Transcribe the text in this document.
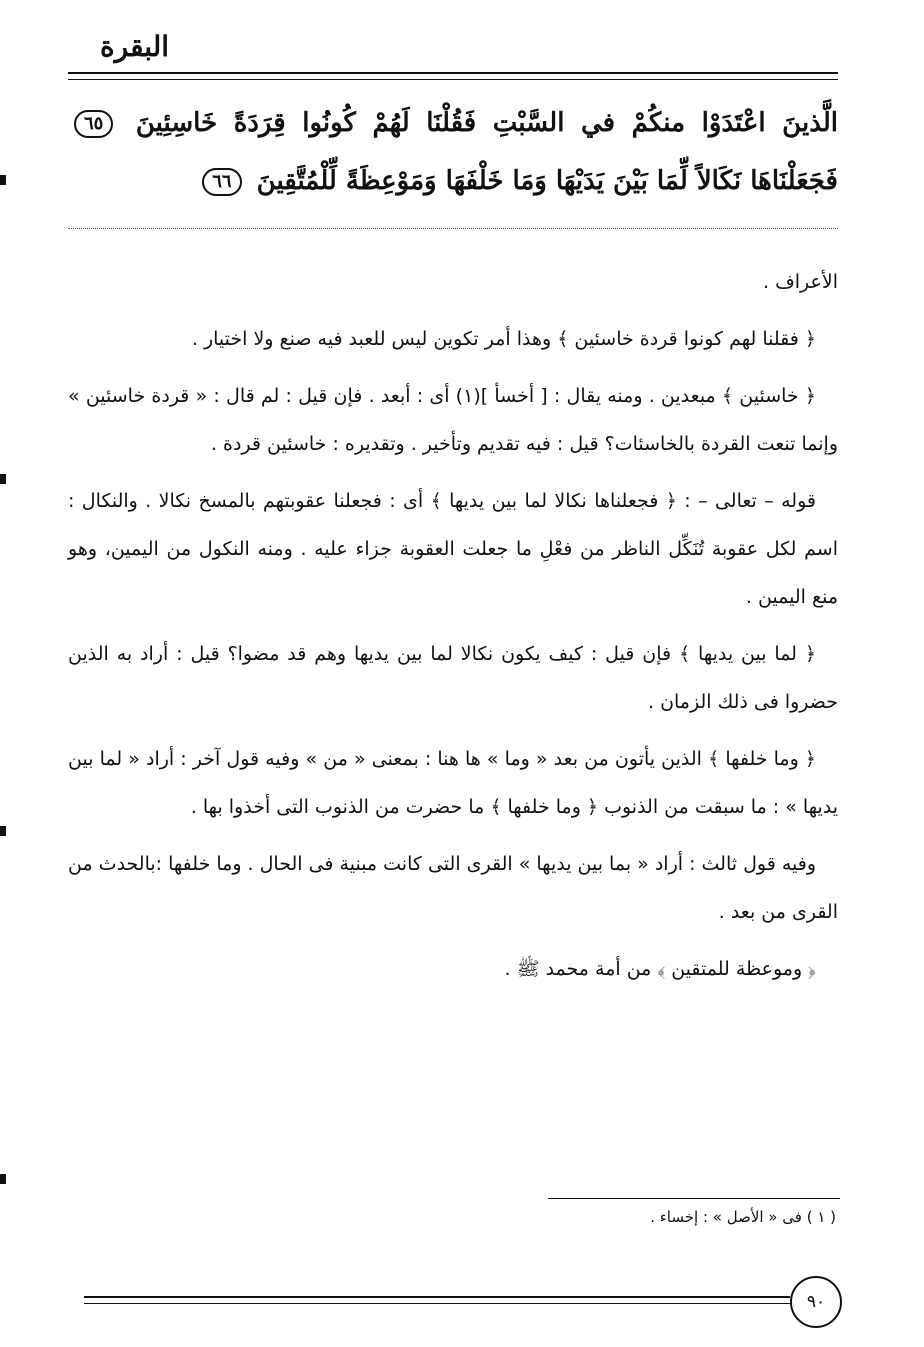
البقرة
الَّذينَ اعْتَدَوْا منكُمْ في السَّبْتِ فَقُلْنَا لَهُمْ كُونُوا قِرَدَةً خَاسِئِينَ ٦٥ فَجَعَلْنَاهَا نَكَالاً لِّمَا بَيْنَ يَدَيْهَا وَمَا خَلْفَهَا وَمَوْعِظَةً لِّلْمُتَّقِينَ ٦٦

الأعراف .

﴿ فقلنا لهم كونوا قردة خاسئين ﴾ وهذا أمر تكوين ليس للعبد فيه صنع ولا اختيار .

﴿ خاسئين ﴾ مبعدين . ومنه يقال : [ أخسأ ](١) أى : أبعد . فإن قيل : لم قال : « قردة خاسئين » وإنما تنعت القردة بالخاسئات؟ قيل : فيه تقديم وتأخير . وتقديره : خاسئين قردة .

قوله – تعالى – : ﴿ فجعلناها نكالا لما بين يديها ﴾ أى : فجعلنا عقوبتهم بالمسخ نكالا . والنكال : اسم لكل عقوبة تُنَكِّل الناظر من فعْلِ ما جعلت العقوبة جزاء عليه . ومنه النكول من اليمين، وهو منع اليمين .

﴿ لما بين يديها ﴾ فإن قيل : كيف يكون نكالا لما بين يديها وهم قد مضوا؟ قيل : أراد به الذين حضروا فى ذلك الزمان .

﴿ وما خلفها ﴾ الذين يأتون من بعد « وما » ها هنا : بمعنى « من » وفيه قول آخر : أراد « لما بين يديها » : ما سبقت من الذنوب ﴿ وما خلفها ﴾ ما حضرت من الذنوب التى أخذوا بها .

وفيه قول ثالث : أراد « بما بين يديها » القرى التى كانت مبنية فى الحال . وما خلفها :بالحدث من القرى من بعد .

﴿ وموعظة للمتقين ﴾ من أمة محمد ﷺ .

( ١ ) فى « الأصل » : إخساء .
٩٠
